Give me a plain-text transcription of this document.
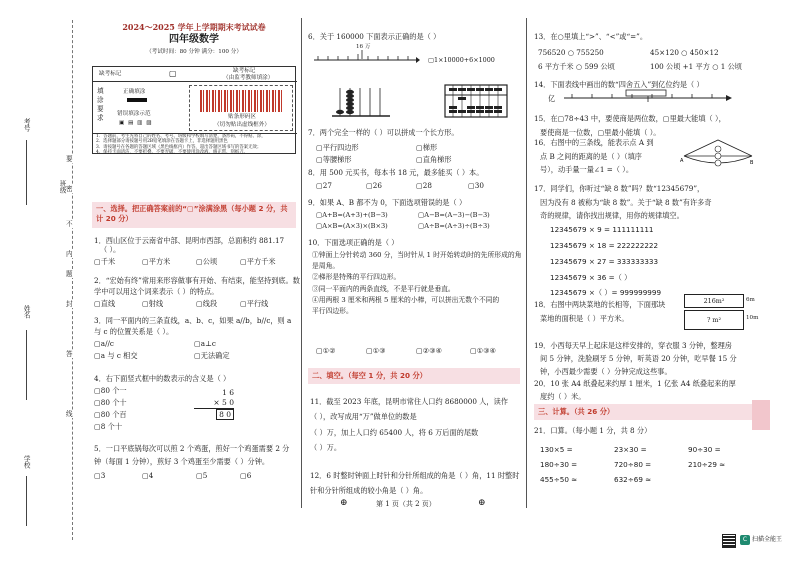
考号
班级
姓名
学校
密
封
线
内
不
要
答
题
2024～2025 学年上学期期末考试试卷
四年级数学
（考试时间：80 分钟 满分：100 分）
缺考标记	▢	缺考标记
（由监考教师填涂）
填
涂
要
求
正确填涂
错误填涂示范
▣ ▤ ▥ ▨
贴条形码区
（切勿贴出虚线框外）
1．答题前，考生先将自己的姓名、考号、班级和学校填写清楚，条形码，不得贴、涂，
2．选择题部分请按题号用2B铅笔填涂在答题卡上，非选择题用黑色
3．请按题号在各题的答题区域（黑色线框内）作答，超出答题区域书写的答案无效；
4．保持卡面清洁，不要折叠、不要弄破，不要使用涂改液、修正带、刮纸刀。
一、选择。把正确答案前的“▢”涂满涂黑（每小题 2 分，共计 20 分）
1．西山区位于云南省中部、昆明市西部，总面积约 881.17
（ ）。
▢千米	▢平方米	▢公顷	▢平方千米
2．“宏始有终”常用来形容做事有开始、有结束，能坚持到底。数
学中可以用这个词来表示（ ）的特点。
▢直线	▢射线	▢线段	▢平行线
3．同一平面内的三条直线，a、b、c，如果 a//b，b//c，则 a
与 c 的位置关系是（ ）。
▢a//c	▢a⊥c
▢a 与 c 相交	▢无法确定
4．右下面竖式框中的数表示的含义是（ ）
▢80 个一
▢80 个十
▢80 个百
▢8 个十
1 6
× 5 0
8 0
5．一口平底锅每次可以煎 2 个鸡蛋，煎好一个鸡蛋需要 2 分
钟（每面 1 分钟），煎好 3 个鸡蛋至少需要（ ）分钟。
▢3	▢4	▢5	▢6
6．关于 160000 下面表示正确的是（ ）
16 万
▢1×10000+6×1000
7．两个完全一样的（ ）可以拼成一个长方形。
▢平行四边形	▢梯形
▢等腰梯形	▢直角梯形
8．用 500 元买书，每本书 18 元，最多能买（ ）本。
▢27	▢26	▢28	▢30
9．如果 A、B 都不为 0，下面选项错误的是（ ）
▢A+B=(A+3)+(B−3)	▢A−B=(A−3)−(B−3)
▢A×B=(A×3)×(B×3)	▢A÷B=(A÷3)÷(B÷3)
10．下面选项正确的是（ ）
①钟面上分针转动 360 分，当时针从 1 时开始转动时的先所形成的角
是周角。
②梯形是特殊的平行四边形。
③同一平面内的两条直线，不是平行就是垂直。
④用两根 3 厘米和两根 5 厘米的小棒，可以拼出无数个不同的
平行四边形。
▢①②	▢①③	▢②③④	▢①③④
二、填空。（每空 1 分，共 20 分）
11．截至 2023 年底，昆明市常住人口约 8680000 人，读作
（ ），改写成用“万”做单位的数是
（ ）万，加上人口约 65400 人，将 6 万后面的尾数
（ ）万。
12．6 时整时钟面上时针和分针所组成的角是（ ）角，11 时整时
针和分针所组成的较小角是（ ）角。
13．在○里填上“>”、“<”或“=”。
756520 ○ 755250	45×120 ○ 450×12
6 平方千米 ○ 599 公顷	100 公顷 +1 平方 ○ 1 公顷
14．下面表线中画出的数“四舍五入”到亿位约是（ ）
亿
15．在▢78÷43 中，要使商是两位数，▢里最大能填（ ），
要使商是一位数，▢里最小能填（ ）。
16．右图中的三条线，能表示点 A 到
点 B 之间的距离的是（ ）（填序
号），动手量一量∠1 =（ ）。
A	B
17．同学们，你听过“缺 8 数”吗？数“12345679”，
因为没有 8 被称为“缺 8 数”。关于“缺 8 数”有许多奇
奇的规律，请你找出规律，用你的规律填空。
12345679 × 9 = 111111111
12345679 × 18 = 222222222
12345679 × 27 = 333333333
12345679 × 36 =（ ）
12345679 ×（ ）= 999999999
18．右图中两块菜地的长相等，下面那块
菜地的面积是（ ）平方米。
216m²
? m²
6m
10m
19．小西每天早上起床是这样安排的，穿衣服 3 分钟，整理房
间 5 分钟，洗脸刷牙 5 分钟，听英语 20 分钟，吃早餐 15 分
钟，小西最少需要（ ）分钟完成这些事。
20．10 张 A4 纸叠起来约厚 1 厘米，1 亿张 A4 纸叠起来的厚
度约（ ）米。
三、计算。（共 26 分）
21．口算。（每小题 1 分，共 8 分）
130×5 =	23×30 =	90÷30 =
180÷30 =	720÷80 =	210÷29 ≈
455÷50 ≈	632÷69 ≈
⊕	第 1 页（共 2 页）	⊕
C 扫描全能王
